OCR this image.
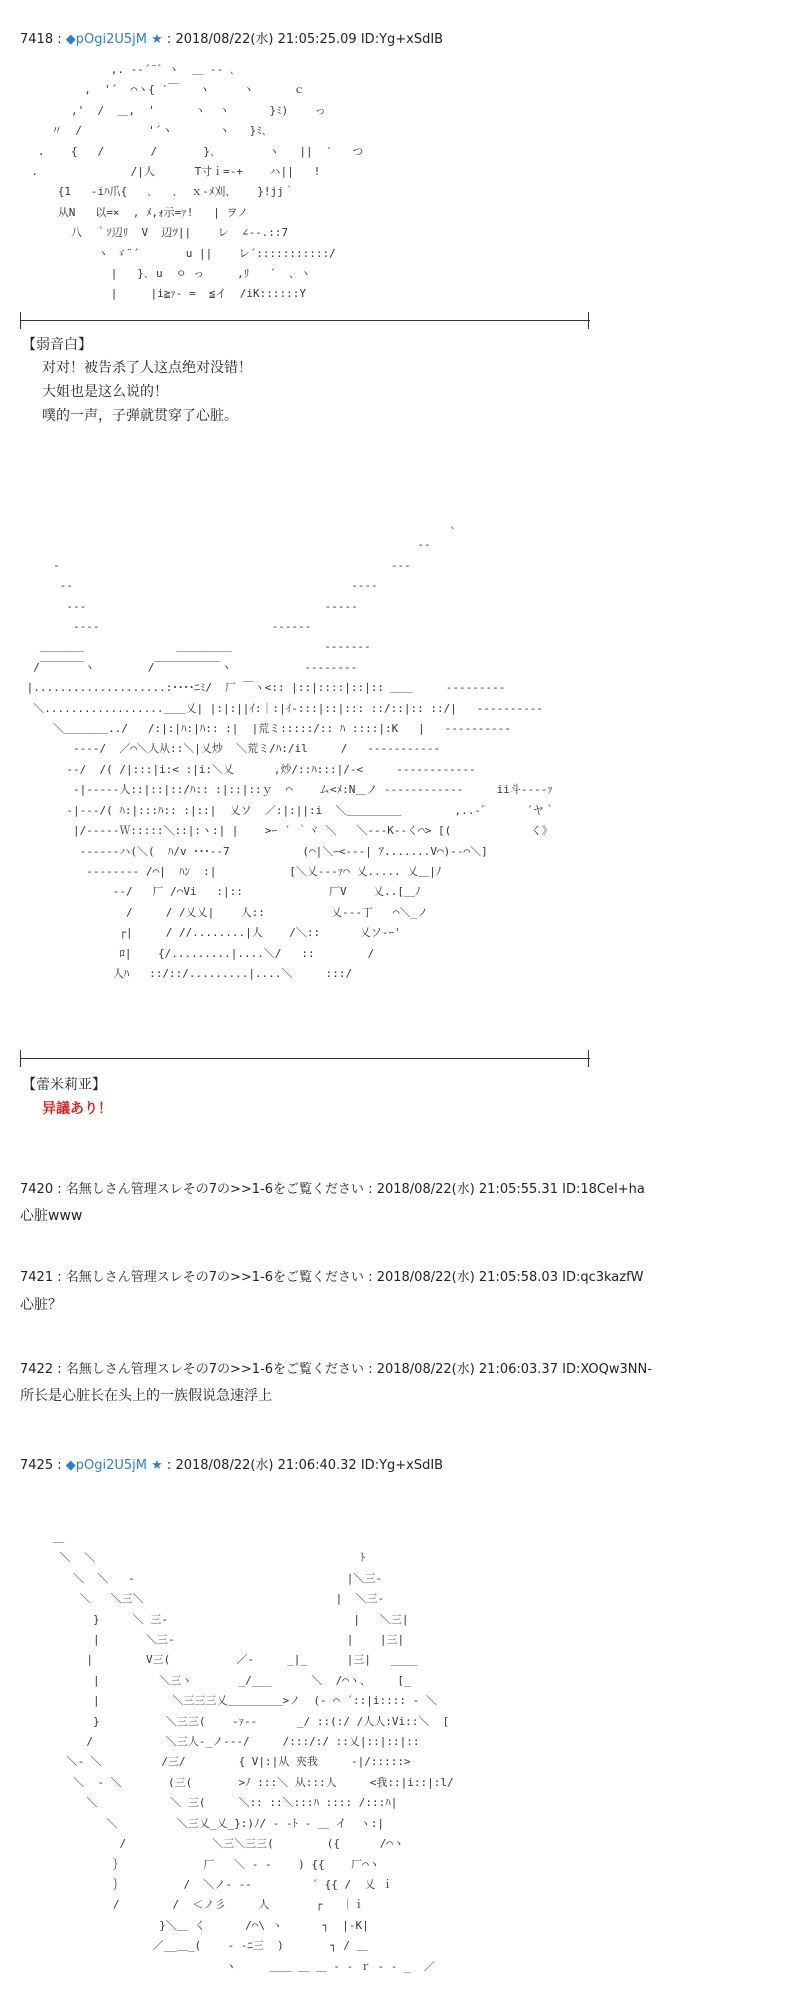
7418 : ◆pOgi2U5jM ★ : 2018/08/22(水) 21:05:25.09 ID:Yg+xSdIB
,. -‐´¨゛ヽ  ＿ ‐‐ ､
,  '´  ⌒ヽ{ ′￣   ヽ     ヽ      ｃ
,'  /  ＿,  '      ヽ  ヽ      }ﾐ)    っ
〃  /          '´ヽ       ヽ   }ﾐ､
.    {   /       /       }､        ヽ   ||  ′   つ
.              /|人      T寸ｉ=-+    ハ||   !
{1   -iﾊ爪{   ､   ､  ｘ-ﾒ刈､    }!jj｀
从N   以=×  , ﾒ,ｫ示=ｧ!   | ヲノ
八  ｀ｿ辺ﾘ  V  辺ﾂ||    レ  ∠-‐.::7
ヽ ゞ¨´       u ||    レ´:::::::::::/
|   }､ u  ㅇ っ     ,ﾘ   ´  、ヽ
|     |i≧ｧ- =  ≦イ  /iK::::::Y
【弱音白】
对对！被告杀了人这点绝对没错！
大姐也是这么说的！
噗的一声，子弹就贯穿了心脏。
､
‐‐
‐                                                  ‐‐‐
‐‐                                          ‐‐‐‐
‐‐‐                                    ‐‐‐‐‐
‐‐‐‐                          ‐‐‐‐‐‐
＿＿＿＿              ＿＿＿＿＿              ‐‐‐‐‐‐‐
/￣￣￣￣ヽ        /￣￣￣￣￣￣ヽ           ‐‐‐‐‐‐‐‐
|....................:････ﾆﾐ/  厂 ￣ヽ<:: |::|::::|::|:: ＿＿     ‐‐‐‐‐‐‐‐‐
＼..................＿＿乂| |:|:||ｲ:｜:|ｲ-:::|::|::: ::/::|:: ::/|   ‐‐‐‐‐‐‐‐‐‐
＼＿＿＿＿../   /:|:|ﾊ:|ﾊ:: :|  |荒ミ:::::/:: ﾊ ::::|:K   |   ‐‐‐‐‐‐‐‐‐‐
‐‐‐‐/  ／⌒＼人从::＼|乂炒  ＼荒ミ/ﾊ:/il     /   ‐‐‐‐‐‐‐‐‐‐‐
‐‐/  /( /|:::|i:< :|i:＼乂      ,炒/::ﾊ:::|/-<     ‐‐‐‐‐‐‐‐‐‐‐‐
‐|‐‐‐‐‐人::|::|::/ﾊ:: :|::|::ｙ  ⌒    ム<ﾒ:N＿ノ ‐‐‐‐‐‐‐‐‐‐‐‐     ii斗‐‐‐‐ｧ
‐|‐‐‐/( ﾊ:|:::ﾊ:: :|::|  乂ソ  ／:|:||:i  ＼＿＿＿＿＿        ,..-ﾞ      ´ヤ｀
|/‐‐‐‐‐Ｗ:::::＼::|:ヽ:| |    >ｰ ´ ｀ヾ ＼   ＼‐‐‐K‐-く⌒> [(            く》
‐‐‐‐‐‐ハ(＼(  ﾊ/v ･･･‐‐7           (⌒|＼ｰ<‐‐‐| ｱ.......V⌒)‐‐⌒＼]
‐‐‐‐‐‐‐‐ /⌒|  ﾊﾝ  :|           [＼乂‐‐‐ｧ⌒ 乂..... 乂＿|ﾉ
‐‐/   厂 /⌒Vi   :|::             厂V    乂..[＿ﾉ
/     / /乂乂|    人::          乂‐‐‐丁   ⌒＼_ノ
┌|     / //........|人    /＼::      乂ソ‐ｰ'
ﾛ|    {/.........|....＼/   ::        /
人ﾊ   ::/::/.........|....＼     :::/
【蕾米莉亚】
异議あり！
7420 : 名無しさん管理スレその7の>>1-6をご覧ください : 2018/08/22(水) 21:05:55.31 ID:18CeI+ha
心脏www
7421 : 名無しさん管理スレその7の>>1-6をご覧ください : 2018/08/22(水) 21:05:58.03 ID:qc3kazfW
心脏？
7422 : 名無しさん管理スレその7の>>1-6をご覧ください : 2018/08/22(水) 21:06:03.37 ID:XOQw3NN-
所长是心脏长在头上的一族假说急速浮上
7425 : ◆pOgi2U5jM ★ : 2018/08/22(水) 21:06:40.32 ID:Yg+xSdIB
＿
＼  ＼                                        ﾄ
＼  ＼   ‐                                |＼三‐
＼   ＼三＼                             |  ＼三‐
}     ＼ 三‐                            |   ＼三|
|       ＼三‐                          |    |三|
|        V三(          ／‐     _|_      |三|   ____
|         ＼三ヽ       _/___      ＼  /⌒ヽ、    [_
|           ＼三三三乂＿＿＿＿＿>ノ  (‐ ⌒ ´::|i:::: ‐ ＼
}          ＼三三(    ‐ｧ‐‐      _/ ::(:/ /人人:Vi::＼  [
/           ＼三人‐_ノ‐‐‐/     /:::/:/ ::乂|::|::|::
＼‐ ＼         /三/        { V|:|从 夾我     ‐|/:::::>
＼  ‐ ＼       (三(       >ﾉ :::＼ 从:::人     <我::|i::|:l/
＼           ＼ 三(     ＼:: ::＼:::ﾊ :::: /:::ﾊ|
＼         ＼三乂_乂_}:)ﾉ/ ‐ ‐ﾄ ‐ ＿ イ  ヽ:|
/             ＼三＼三三(        ({      /⌒ヽ
｝            厂   ＼ ‐ ‐    ) {{    厂⌒ヽ
｝         /  ＼ノ‐ ‐‐         ´ {{ /  乂 ｉ
/        /  ＜ノ彡     人       ┌   ｜ｉ
}＼＿ く      /⌒\ ヽ      ┐  |‐K|
／__＿_(    ‐ ‐ﾆ三  )       ┐ / ＿
ヽ     ＿＿ ＿ ＿ ‐ ‐ ｒ ‐ ‐ _  ／
